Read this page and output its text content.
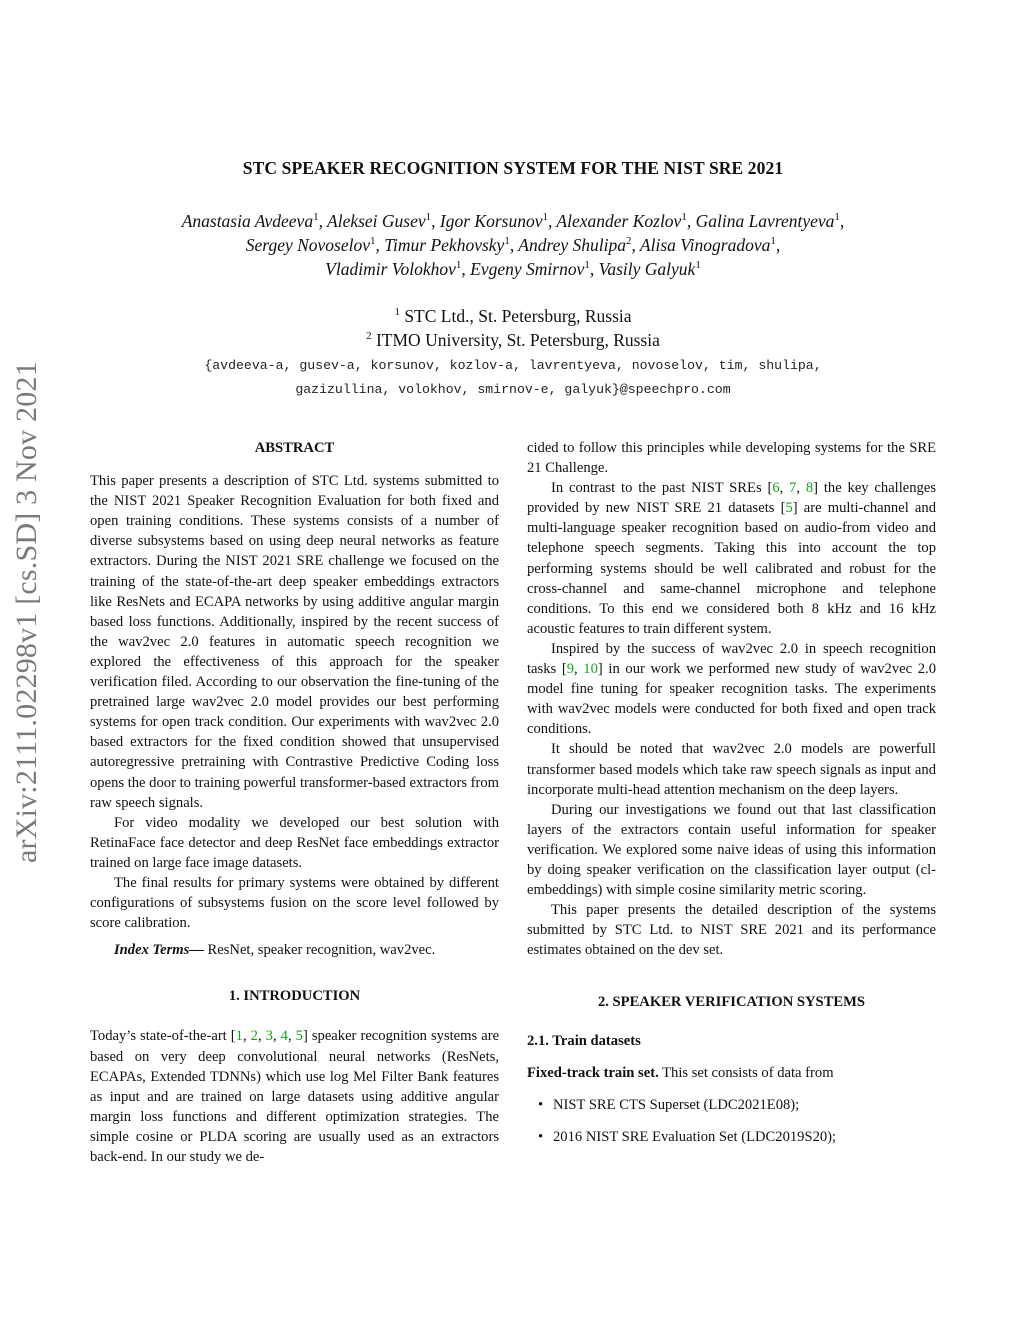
arXiv:2111.02298v1 [cs.SD] 3 Nov 2021
STC SPEAKER RECOGNITION SYSTEM FOR THE NIST SRE 2021
Anastasia Avdeeva$^1$, Aleksei Gusev$^1$, Igor Korsunov$^1$, Alexander Kozlov$^1$, Galina Lavrentyeva$^1$,
Sergey Novoselov$^1$, Timur Pekhovsky$^1$, Andrey Shulipa$^2$, Alisa Vinogradova$^1$,
Vladimir Volokhov$^1$, Evgeny Smirnov$^1$, Vasily Galyuk$^1$
$^1$ STC Ltd., St. Petersburg, Russia
$^2$ ITMO University, St. Petersburg, Russia
{avdeeva-a, gusev-a, korsunov, kozlov-a, lavrentyeva, novoselov, tim, shulipa,
gazizullina, volokhov, smirnov-e, galyuk}@speechpro.com
ABSTRACT

This paper presents a description of STC Ltd. systems submitted to the NIST 2021 Speaker Recognition Evaluation for both fixed and open training conditions. These systems consists of a number of diverse subsystems based on using deep neural networks as feature extractors. During the NIST 2021 SRE challenge we focused on the training of the state-of-the-art deep speaker embeddings extractors like ResNets and ECAPA networks by using additive angular margin based loss functions. Additionally, inspired by the recent success of the wav2vec 2.0 features in automatic speech recognition we explored the effectiveness of this approach for the speaker verification filed. According to our observation the fine-tuning of the pretrained large wav2vec 2.0 model provides our best performing systems for open track condition. Our experiments with wav2vec 2.0 based extractors for the fixed condition showed that unsupervised autoregressive pretraining with Contrastive Predictive Coding loss opens the door to training powerful transformer-based extractors from raw speech signals.

For video modality we developed our best solution with RetinaFace face detector and deep ResNet face embeddings extractor trained on large face image datasets.

The final results for primary systems were obtained by different configurations of subsystems fusion on the score level followed by score calibration.

Index Terms— ResNet, speaker recognition, wav2vec.

1. INTRODUCTION

Today’s state-of-the-art [1, 2, 3, 4, 5] speaker recognition systems are based on very deep convolutional neural networks (ResNets, ECAPAs, Extended TDNNs) which use log Mel Filter Bank features as input and are trained on large datasets using additive angular margin loss functions and different optimization strategies. The simple cosine or PLDA scoring are usually used as an extractors back-end. In our study we de-

cided to follow this principles while developing systems for the SRE 21 Challenge.

In contrast to the past NIST SREs [6, 7, 8] the key challenges provided by new NIST SRE 21 datasets [5] are multi-channel and multi-language speaker recognition based on audio-from video and telephone speech segments. Taking this into account the top performing systems should be well calibrated and robust for the cross-channel and same-channel microphone and telephone conditions. To this end we considered both 8 kHz and 16 kHz acoustic features to train different system.

Inspired by the success of wav2vec 2.0 in speech recognition tasks [9, 10] in our work we performed new study of wav2vec 2.0 model fine tuning for speaker recognition tasks. The experiments with wav2vec models were conducted for both fixed and open track conditions.

It should be noted that wav2vec 2.0 models are powerfull transformer based models which take raw speech signals as input and incorporate multi-head attention mechanism on the deep layers.

During our investigations we found out that last classification layers of the extractors contain useful information for speaker verification. We explored some naive ideas of using this information by doing speaker verification on the classification layer output (cl-embeddings) with simple cosine similarity metric scoring.

This paper presents the detailed description of the systems submitted by STC Ltd. to NIST SRE 2021 and its performance estimates obtained on the dev set.

2. SPEAKER VERIFICATION SYSTEMS
2.1. Train datasets

Fixed-track train set. This set consists of data from

• NIST SRE CTS Superset (LDC2021E08);
• 2016 NIST SRE Evaluation Set (LDC2019S20);
